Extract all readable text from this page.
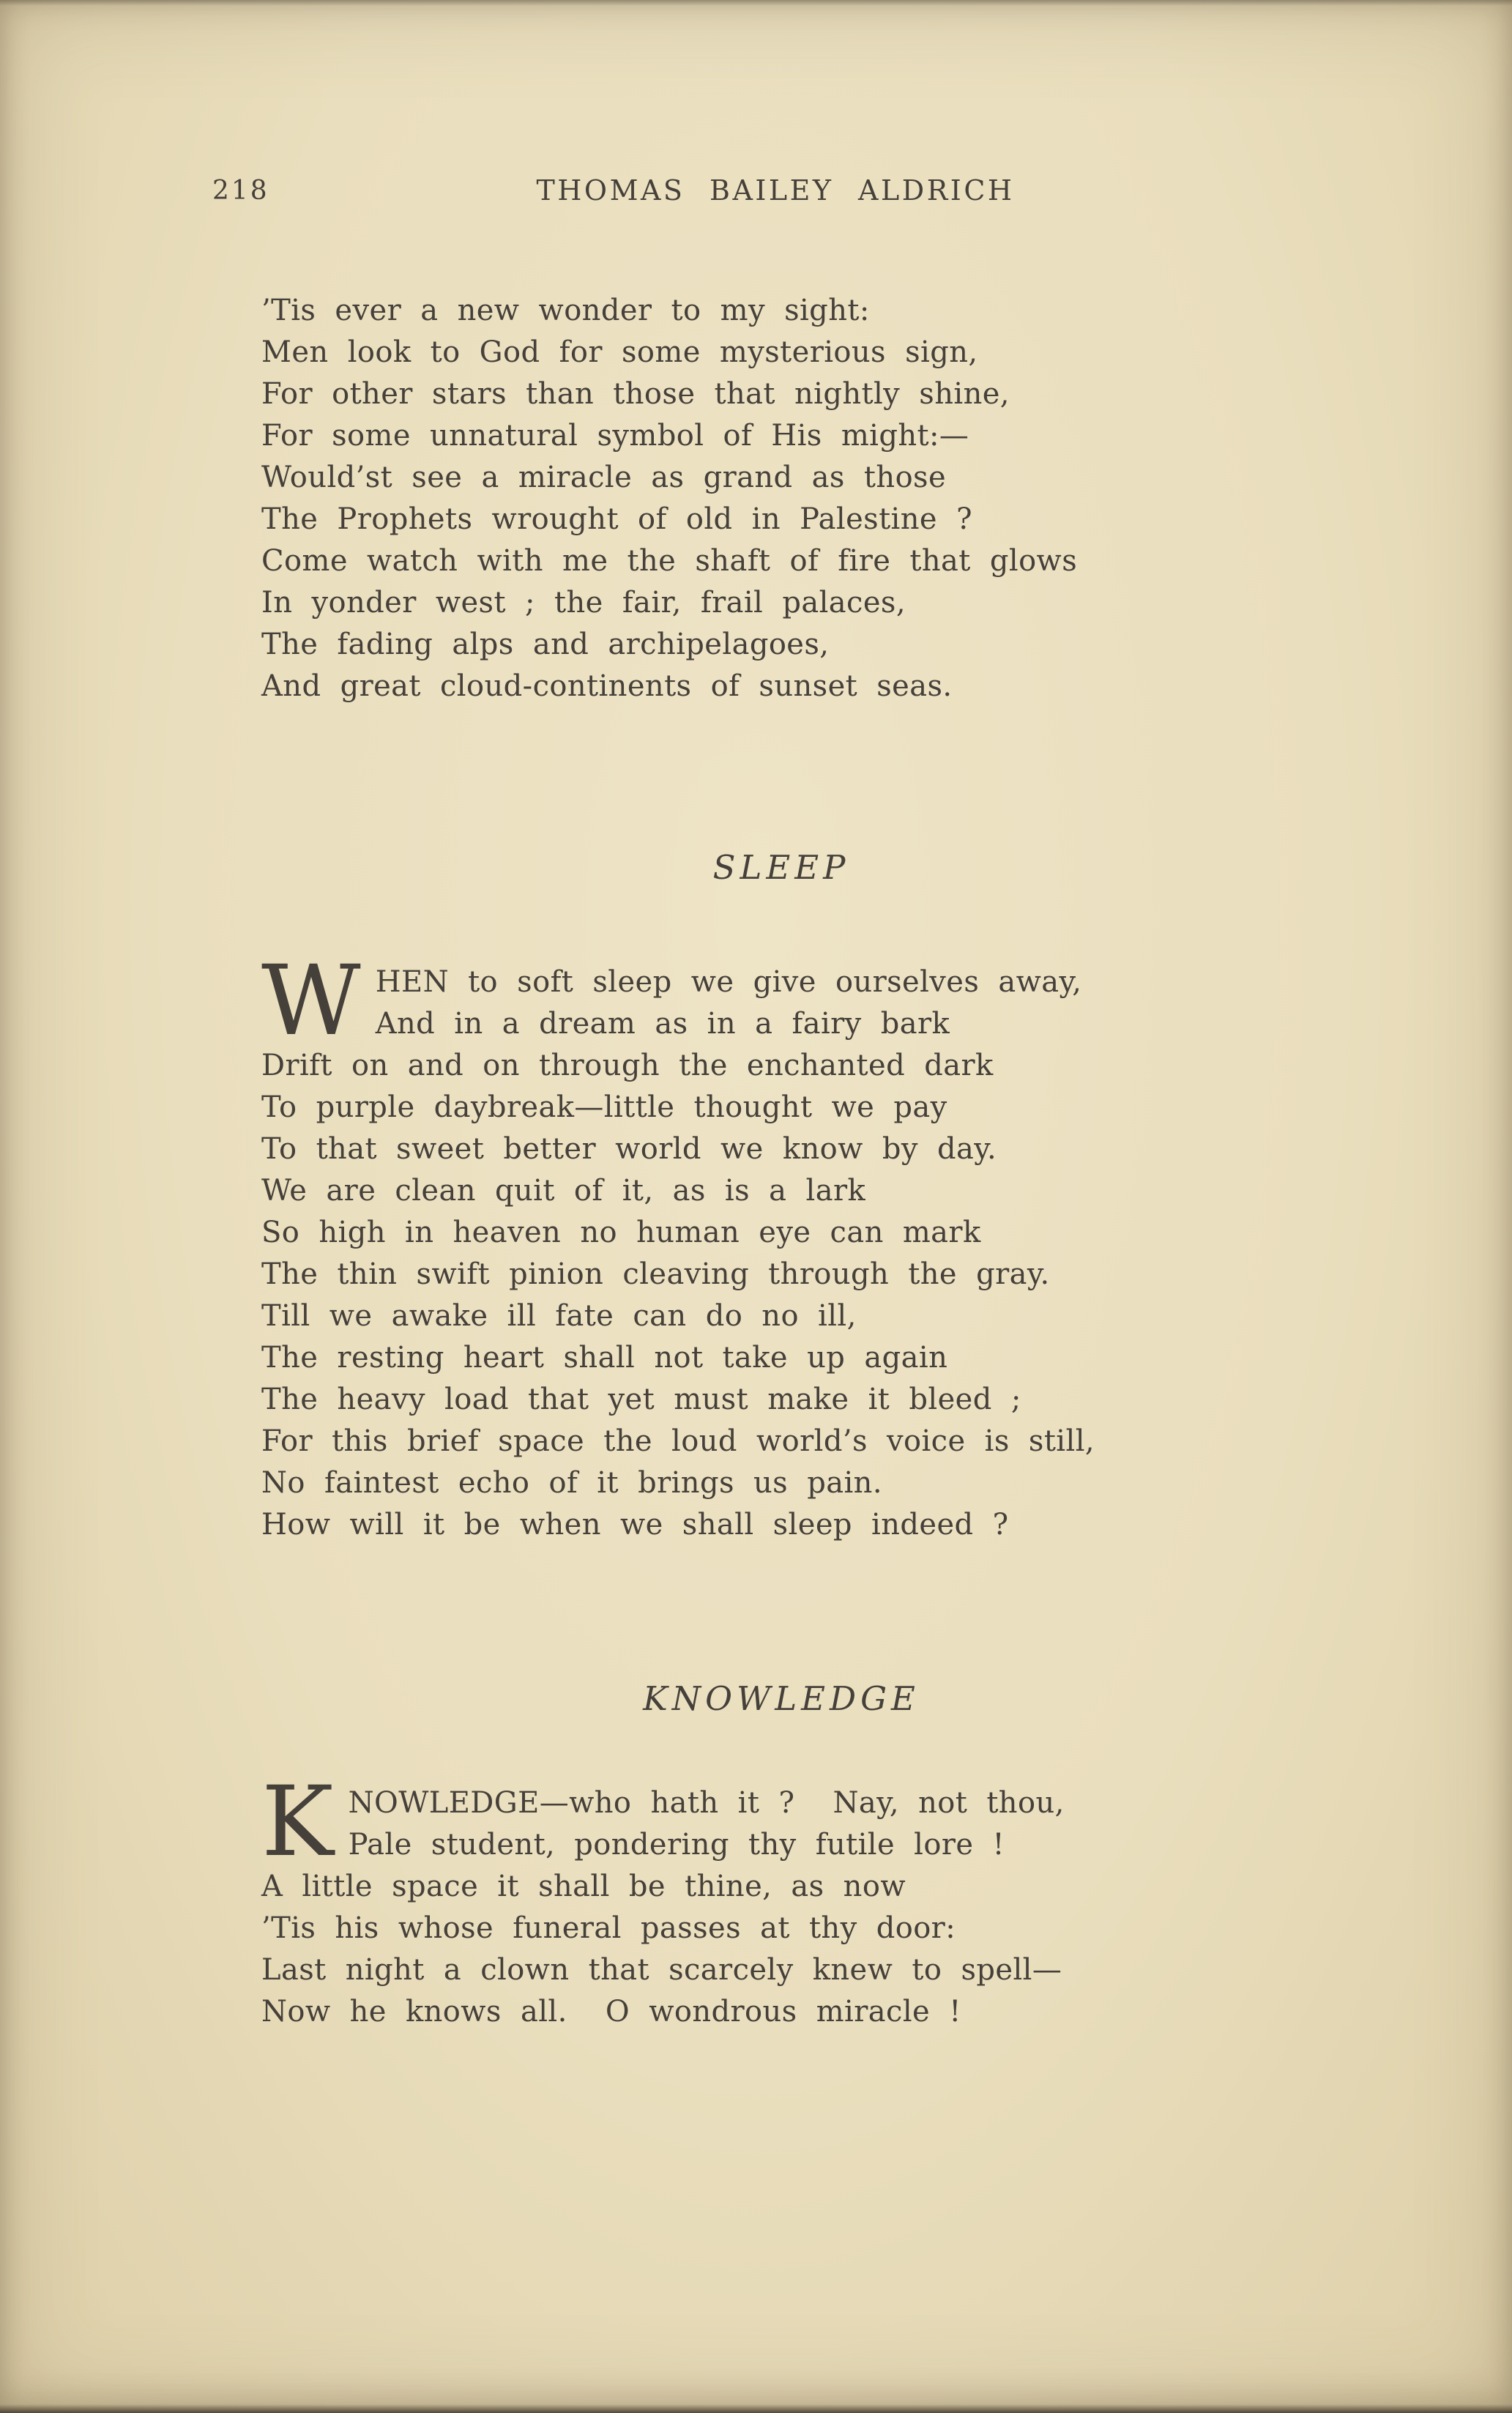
218	THOMAS BAILEY ALDRICH
’Tis ever a new wonder to my sight:
Men look to God for some mysterious sign,
For other stars than those that nightly shine,
For some unnatural symbol of His might:—
Would’st see a miracle as grand as those
The Prophets wrought of old in Palestine ?
Come watch with me the shaft of fire that glows
In yonder west ; the fair, frail palaces,
The fading alps and archipelagoes,
And great cloud-continents of sunset seas.
SLEEP
W HEN to soft sleep we give ourselves away,
And in a dream as in a fairy bark
Drift on and on through the enchanted dark
To purple daybreak—little thought we pay
To that sweet better world we know by day.
We are clean quit of it, as is a lark
So high in heaven no human eye can mark
The thin swift pinion cleaving through the gray.
Till we awake ill fate can do no ill,
The resting heart shall not take up again
The heavy load that yet must make it bleed ;
For this brief space the loud world’s voice is still,
No faintest echo of it brings us pain.
How will it be when we shall sleep indeed ?
KNOWLEDGE
K NOWLEDGE—who hath it ?  Nay, not thou,
Pale student, pondering thy futile lore !
A little space it shall be thine, as now
’Tis his whose funeral passes at thy door:
Last night a clown that scarcely knew to spell—
Now he knows all.  O wondrous miracle !
